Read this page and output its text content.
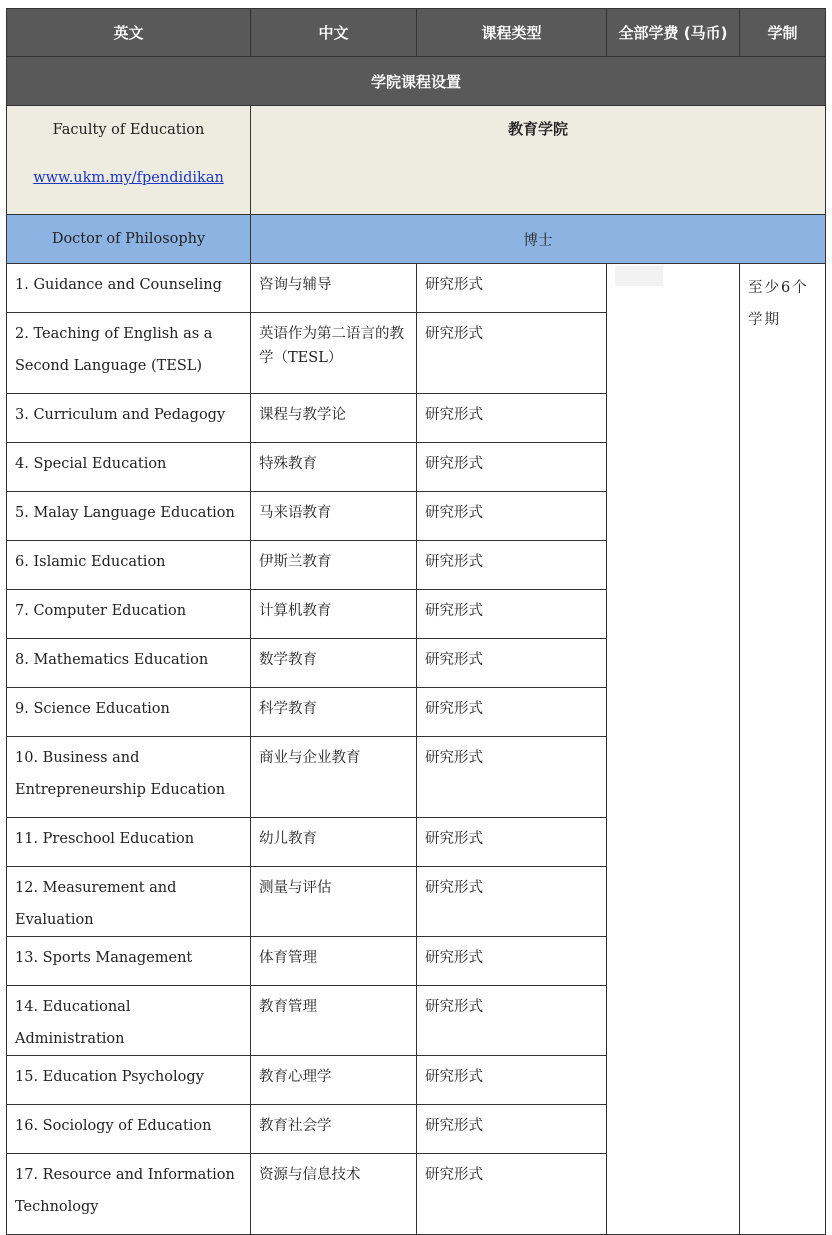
英文	中文	课程类型	全部学费 (马币)	学制
学院课程设置				

Faculty of Education
www.ukm.my/fpendidikan	教育学院			
Doctor of Philosophy	博士			

1. Guidance and Counseling	咨询与辅导	研究形式		至少6个学期

2. Teaching of English as a Second Language (TESL)	英语作为第二语言的教学（TESL）	研究形式		

3. Curriculum and Pedagogy	课程与教学论	研究形式		

4. Special Education	特殊教育	研究形式		

5. Malay Language Education	马来语教育	研究形式		

6. Islamic Education	伊斯兰教育	研究形式		

7. Computer Education	计算机教育	研究形式		

8. Mathematics Education	数学教育	研究形式		

9. Science Education	科学教育	研究形式		

10. Business and Entrepreneurship Education	商业与企业教育	研究形式		

11. Preschool Education	幼儿教育	研究形式		

12. Measurement and Evaluation	测量与评估	研究形式		

13. Sports Management	体育管理	研究形式		

14. Educational Administration	教育管理	研究形式		

15. Education Psychology	教育心理学	研究形式		

16. Sociology of Education	教育社会学	研究形式		

17. Resource and Information Technology	资源与信息技术	研究形式		
